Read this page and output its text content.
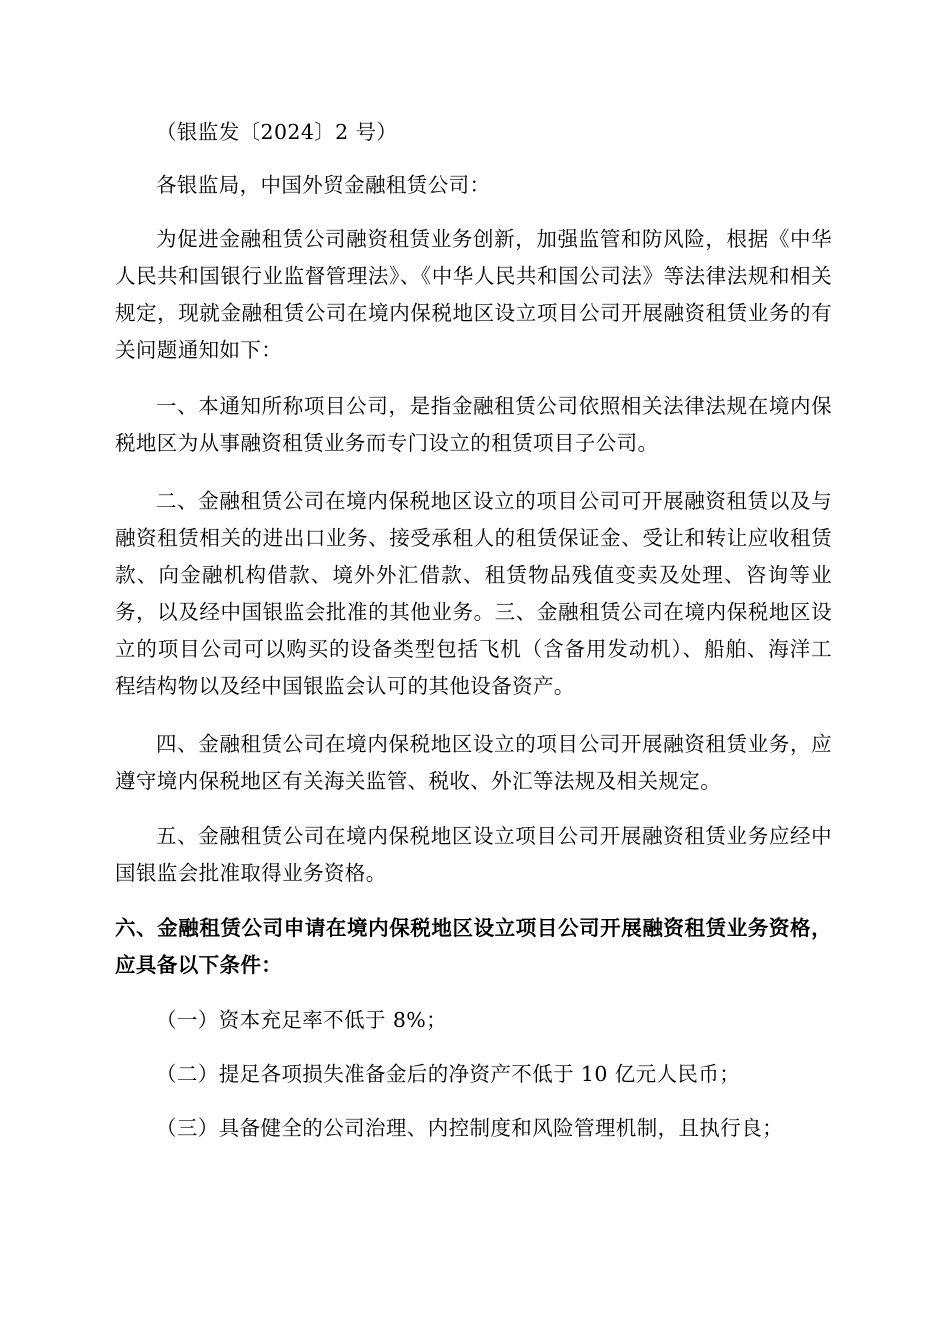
（银监发〔2024〕2 号）

各银监局，中国外贸金融租赁公司：

为促进金融租赁公司融资租赁业务创新，加强监管和防风险，根据《中华人民共和国银行业监督管理法》、《中华人民共和国公司法》等法律法规和相关规定，现就金融租赁公司在境内保税地区设立项目公司开展融资租赁业务的有关问题通知如下：

一、本通知所称项目公司，是指金融租赁公司依照相关法律法规在境内保税地区为从事融资租赁业务而专门设立的租赁项目子公司。

二、金融租赁公司在境内保税地区设立的项目公司可开展融资租赁以及与融资租赁相关的进出口业务、接受承租人的租赁保证金、受让和转让应收租赁款、向金融机构借款、境外外汇借款、租赁物品残值变卖及处理、咨询等业务，以及经中国银监会批准的其他业务。三、金融租赁公司在境内保税地区设立的项目公司可以购买的设备类型包括飞机（含备用发动机）、船舶、海洋工程结构物以及经中国银监会认可的其他设备资产。

四、金融租赁公司在境内保税地区设立的项目公司开展融资租赁业务，应遵守境内保税地区有关海关监管、税收、外汇等法规及相关规定。

五、金融租赁公司在境内保税地区设立项目公司开展融资租赁业务应经中国银监会批准取得业务资格。

六、金融租赁公司申请在境内保税地区设立项目公司开展融资租赁业务资格，应具备以下条件：

（一）资本充足率不低于 8%；

（二）提足各项损失准备金后的净资产不低于 10 亿元人民币；

（三）具备健全的公司治理、内控制度和风险管理机制，且执行良；
